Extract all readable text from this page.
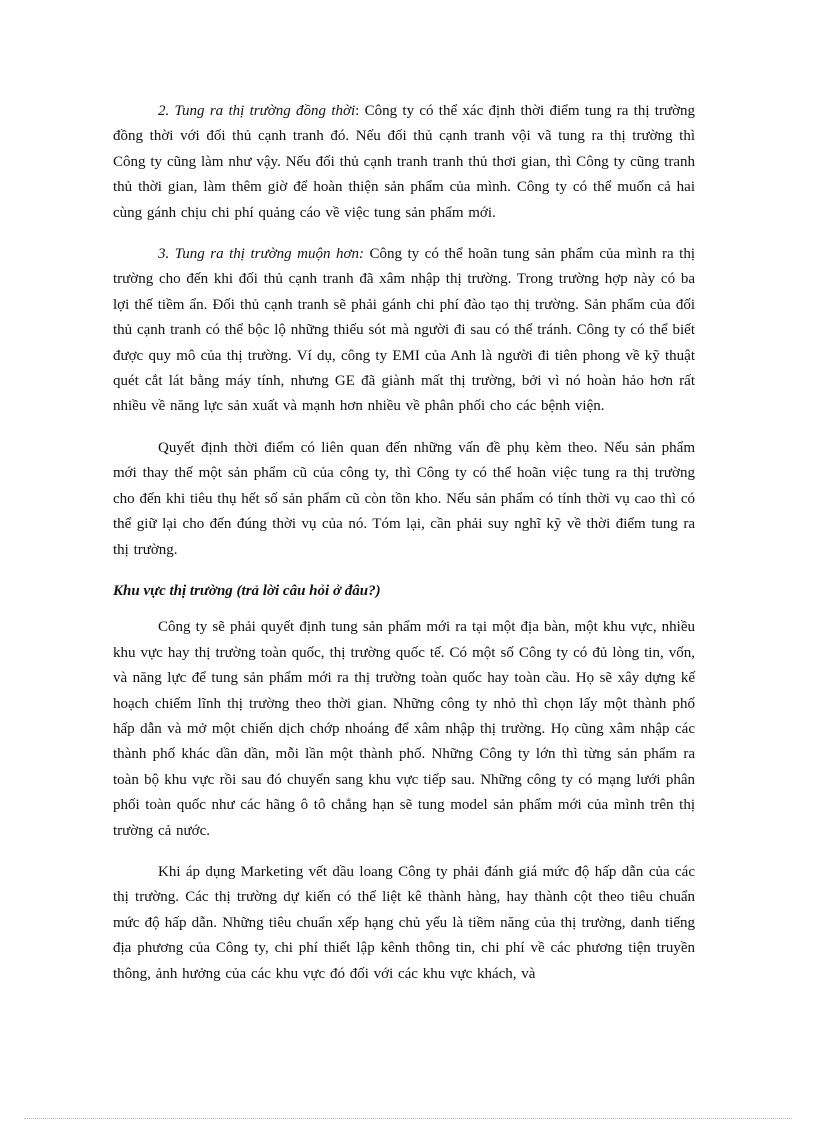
2. Tung ra thị trường đồng thời: Công ty có thể xác định thời điểm tung ra thị trường đồng thời với đối thủ cạnh tranh đó. Nếu đối thủ cạnh tranh vội vã tung ra thị trường thì Công ty cũng làm như vậy. Nếu đối thủ cạnh tranh tranh thủ thơi gian, thì Công ty cũng tranh thủ thời gian, làm thêm giờ để hoàn thiện sản phẩm của mình. Công ty có thể muốn cả hai cùng gánh chịu chi phí quảng cáo về việc tung sản phẩm mới.

3. Tung ra thị trường muộn hơn: Công ty có thể hoãn tung sản phẩm của mình ra thị trường cho đến khi đối thủ cạnh tranh đã xâm nhập thị trường. Trong trường hợp này có ba lợi thế tiềm ẩn. Đối thủ cạnh tranh sẽ phải gánh chi phí đào tạo thị trường. Sản phẩm của đối thủ cạnh tranh có thể bộc lộ những thiếu sót mà người đi sau có thể tránh. Công ty có thể biết được quy mô của thị trường. Ví dụ, công ty EMI của Anh là người đi tiên phong về kỹ thuật quét cắt lát bằng máy tính, nhưng GE đã giành mất thị trường, bởi vì nó hoàn hảo hơn rất nhiều về năng lực sản xuất và mạnh hơn nhiều về phân phối cho các bệnh viện.

Quyết định thời điểm có liên quan đến những vấn đề phụ kèm theo. Nếu sản phẩm mới thay thế một sản phẩm cũ của công ty, thì Công ty có thể hoãn việc tung ra thị trường cho đến khi tiêu thụ hết số sản phẩm cũ còn tồn kho. Nếu sản phẩm có tính thời vụ cao thì có thể giữ lại cho đến đúng thời vụ của nó. Tóm lại, cần phải suy nghĩ kỹ về thời điểm tung ra thị trường.

Khu vực thị trường (trả lời câu hỏi ở đâu?)

Công ty sẽ phải quyết định tung sản phẩm mới ra tại một địa bàn, một khu vực, nhiều khu vực hay thị trường toàn quốc, thị trường quốc tế. Có một số Công ty có đủ lòng tin, vốn, và năng lực để tung sản phẩm mới ra thị trường toàn quốc hay toàn cầu. Họ sẽ xây dựng kế hoạch chiếm lĩnh thị trường theo thời gian. Những công ty nhỏ thì chọn lấy một thành phố hấp dẫn và mở một chiến dịch chớp nhoáng để xâm nhập thị trường. Họ cũng xâm nhập các thành phố khác dần dần, mỗi lần một thành phố. Những Công ty lớn thì từng sản phẩm ra toàn bộ khu vực rồi sau đó chuyển sang khu vực tiếp sau. Những công ty có mạng lưới phân phối toàn quốc như các hãng ô tô chẳng hạn sẽ tung model sản phẩm mới của mình trên thị trường cả nước.

Khi áp dụng Marketing vết dầu loang Công ty phải đánh giá mức độ hấp dẫn của các thị trường. Các thị trường dự kiến có thể liệt kê thành hàng, hay thành cột theo tiêu chuẩn mức độ hấp dẫn. Những tiêu chuẩn xếp hạng chủ yếu là tiềm năng của thị trường, danh tiếng địa phương của Công ty, chi phí thiết lập kênh thông tin, chi phí về các phương tiện truyền thông, ảnh hưởng của các khu vực đó đối với các khu vực khách, và
